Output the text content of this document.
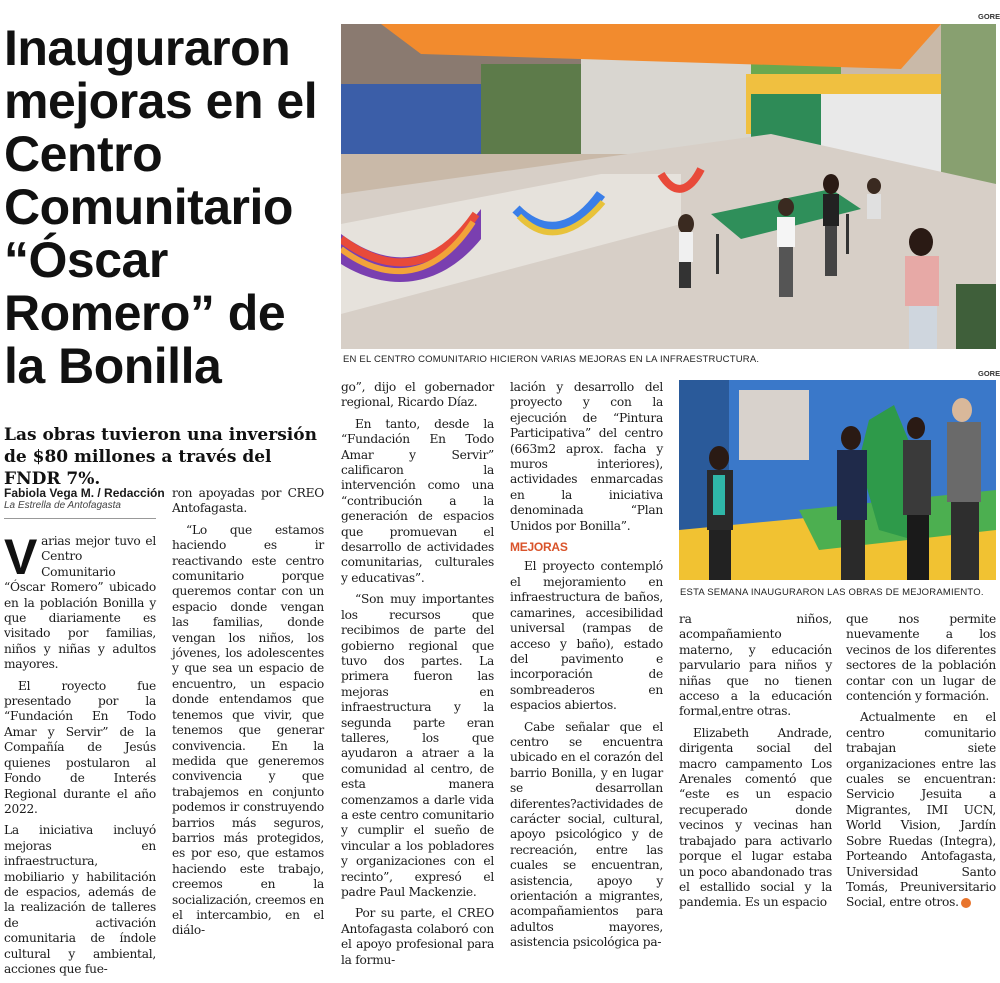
Inauguraron
mejoras en el
Centro
Comunitario
“Óscar
Romero” de
la Bonilla
Las obras tuvieron una inversión de $80 millones a través del FNDR 7%.
Fabiola Vega M. / Redacción
La Estrella de Antofagasta
GORE
EN EL CENTRO COMUNITARIO HICIERON VARIAS MEJORAS EN LA INFRAESTRUCTURA.
GORE
ESTA SEMANA INAUGURARON LAS OBRAS DE MEJORAMIENTO.

Varias mejor tuvo el Centro Comunitario “Óscar Romero” ubicado en la población Bonilla y que diariamente es visitado por familias, niños y niñas y adultos mayores.

El royecto fue presentado por la “Fundación En Todo Amar y Servir” de la Compañía de Jesús quienes postularon al Fondo de Interés Regional durante el año 2022.

La iniciativa incluyó mejoras en infraestructura, mobiliario y habilitación de espacios, además de la realización de talleres de activación comunitaria de índole cultural y ambiental, acciones que fue-

ron apoyadas por CREO Antofagasta.

“Lo que estamos haciendo es ir reactivando este centro comunitario porque queremos contar con un espacio donde vengan las familias, donde vengan los niños, los jóvenes, los adolescentes y que sea un espacio de encuentro, un espacio donde entendamos que tenemos que vivir, que tenemos que generar convivencia. En la medida que generemos convivencia y que trabajemos en conjunto podemos ir construyendo barrios más seguros, barrios más protegidos, es por eso, que estamos haciendo este trabajo, creemos en la socialización, creemos en el intercambio, en el diálo-

go”, dijo el gobernador regional, Ricardo Díaz.

En tanto, desde la “Fundación En Todo Amar y Servir” calificaron la intervención como una “contribución a la generación de espacios que promuevan el desarrollo de actividades comunitarias, culturales y educativas”.

“Son muy importantes los recursos que recibimos de parte del gobierno regional que tuvo dos partes. La primera fueron las mejoras en infraestructura y la segunda parte eran talleres, los que ayudaron a atraer a la comunidad al centro, de esta manera comenzamos a darle vida a este centro comunitario y cumplir el sueño de vincular a los pobladores y organizaciones con el recinto”, expresó el padre Paul Mackenzie.

Por su parte, el CREO Antofagasta colaboró con el apoyo profesional para la formu-

lación y desarrollo del proyecto y con la ejecución de “Pintura Participativa” del centro (663m2 aprox. facha y muros interiores), actividades enmarcadas en la iniciativa denominada “Plan Unidos por Bonilla”.

MEJORAS

El proyecto contempló el mejoramiento en infraestructura de baños, camarines, accesibilidad universal (rampas de acceso y baño), estado del pavimento e incorporación de sombreaderos en espacios abiertos.

Cabe señalar que el centro se encuentra ubicado en el corazón del barrio Bonilla, y en lugar se desarrollan diferentes?actividades de carácter social, cultural, apoyo psicológico y de recreación, entre las cuales se encuentran, asistencia, apoyo y orientación a migrantes, acompañamientos para adultos mayores, asistencia psicológica pa-

ra niños, acompañamiento materno, y educación parvulario para niños y niñas que no tienen acceso a la educación formal,entre otras.

Elizabeth Andrade, dirigenta social del macro campamento Los Arenales comentó que “este es un espacio recuperado donde vecinos y vecinas han trabajado para activarlo porque el lugar estaba un poco abandonado tras el estallido social y la pandemia. Es un espacio

que nos permite nuevamente a los vecinos de los diferentes sectores de la población contar con un lugar de contención y formación.

Actualmente en el centro comunitario trabajan siete organizaciones entre las cuales se encuentran: Servicio Jesuita a Migrantes, IMI UCN, World Vision, Jardín Sobre Ruedas (Integra), Porteando Antofagasta, Universidad Santo Tomás, Preuniversitario Social, entre otros.
